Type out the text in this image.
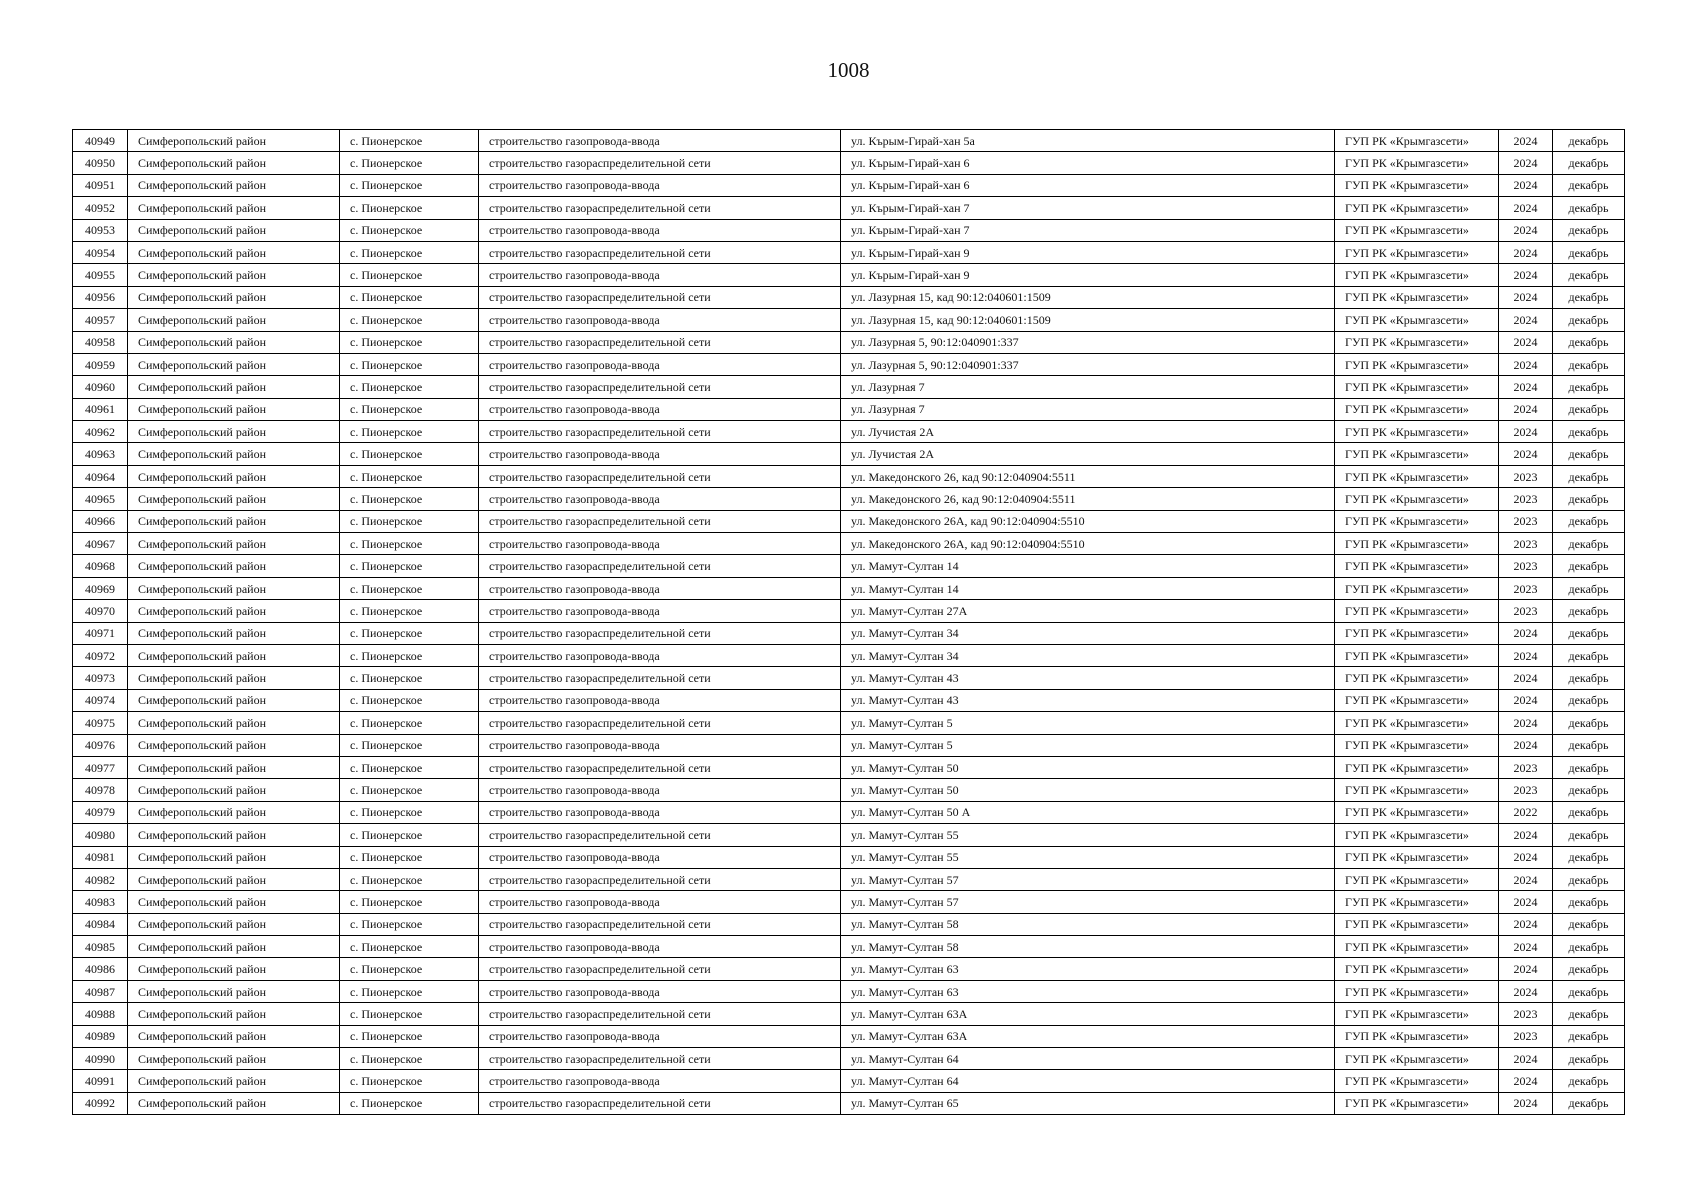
1008
40949	Симферопольский район	с. Пионерское	строительство газопровода-ввода	ул. Кърым-Гирай-хан 5а	ГУП РК «Крымгазсети»	2024	декабрь
40950	Симферопольский район	с. Пионерское	строительство газораспределительной сети	ул. Кърым-Гирай-хан 6	ГУП РК «Крымгазсети»	2024	декабрь
40951	Симферопольский район	с. Пионерское	строительство газопровода-ввода	ул. Кърым-Гирай-хан 6	ГУП РК «Крымгазсети»	2024	декабрь
40952	Симферопольский район	с. Пионерское	строительство газораспределительной сети	ул. Кърым-Гирай-хан 7	ГУП РК «Крымгазсети»	2024	декабрь
40953	Симферопольский район	с. Пионерское	строительство газопровода-ввода	ул. Кърым-Гирай-хан 7	ГУП РК «Крымгазсети»	2024	декабрь
40954	Симферопольский район	с. Пионерское	строительство газораспределительной сети	ул. Кърым-Гирай-хан 9	ГУП РК «Крымгазсети»	2024	декабрь
40955	Симферопольский район	с. Пионерское	строительство газопровода-ввода	ул. Кърым-Гирай-хан 9	ГУП РК «Крымгазсети»	2024	декабрь
40956	Симферопольский район	с. Пионерское	строительство газораспределительной сети	ул. Лазурная 15, кад 90:12:040601:1509	ГУП РК «Крымгазсети»	2024	декабрь
40957	Симферопольский район	с. Пионерское	строительство газопровода-ввода	ул. Лазурная 15, кад 90:12:040601:1509	ГУП РК «Крымгазсети»	2024	декабрь
40958	Симферопольский район	с. Пионерское	строительство газораспределительной сети	ул. Лазурная 5, 90:12:040901:337	ГУП РК «Крымгазсети»	2024	декабрь
40959	Симферопольский район	с. Пионерское	строительство газопровода-ввода	ул. Лазурная 5, 90:12:040901:337	ГУП РК «Крымгазсети»	2024	декабрь
40960	Симферопольский район	с. Пионерское	строительство газораспределительной сети	ул. Лазурная 7	ГУП РК «Крымгазсети»	2024	декабрь
40961	Симферопольский район	с. Пионерское	строительство газопровода-ввода	ул. Лазурная 7	ГУП РК «Крымгазсети»	2024	декабрь
40962	Симферопольский район	с. Пионерское	строительство газораспределительной сети	ул. Лучистая 2А	ГУП РК «Крымгазсети»	2024	декабрь
40963	Симферопольский район	с. Пионерское	строительство газопровода-ввода	ул. Лучистая 2А	ГУП РК «Крымгазсети»	2024	декабрь
40964	Симферопольский район	с. Пионерское	строительство газораспределительной сети	ул. Македонского 26, кад 90:12:040904:5511	ГУП РК «Крымгазсети»	2023	декабрь
40965	Симферопольский район	с. Пионерское	строительство газопровода-ввода	ул. Македонского 26, кад 90:12:040904:5511	ГУП РК «Крымгазсети»	2023	декабрь
40966	Симферопольский район	с. Пионерское	строительство газораспределительной сети	ул. Македонского 26А, кад 90:12:040904:5510	ГУП РК «Крымгазсети»	2023	декабрь
40967	Симферопольский район	с. Пионерское	строительство газопровода-ввода	ул. Македонского 26А, кад 90:12:040904:5510	ГУП РК «Крымгазсети»	2023	декабрь
40968	Симферопольский район	с. Пионерское	строительство газораспределительной сети	ул. Мамут-Султан 14	ГУП РК «Крымгазсети»	2023	декабрь
40969	Симферопольский район	с. Пионерское	строительство газопровода-ввода	ул. Мамут-Султан 14	ГУП РК «Крымгазсети»	2023	декабрь
40970	Симферопольский район	с. Пионерское	строительство газопровода-ввода	ул. Мамут-Султан 27А	ГУП РК «Крымгазсети»	2023	декабрь
40971	Симферопольский район	с. Пионерское	строительство газораспределительной сети	ул. Мамут-Султан 34	ГУП РК «Крымгазсети»	2024	декабрь
40972	Симферопольский район	с. Пионерское	строительство газопровода-ввода	ул. Мамут-Султан 34	ГУП РК «Крымгазсети»	2024	декабрь
40973	Симферопольский район	с. Пионерское	строительство газораспределительной сети	ул. Мамут-Султан 43	ГУП РК «Крымгазсети»	2024	декабрь
40974	Симферопольский район	с. Пионерское	строительство газопровода-ввода	ул. Мамут-Султан 43	ГУП РК «Крымгазсети»	2024	декабрь
40975	Симферопольский район	с. Пионерское	строительство газораспределительной сети	ул. Мамут-Султан 5	ГУП РК «Крымгазсети»	2024	декабрь
40976	Симферопольский район	с. Пионерское	строительство газопровода-ввода	ул. Мамут-Султан 5	ГУП РК «Крымгазсети»	2024	декабрь
40977	Симферопольский район	с. Пионерское	строительство газораспределительной сети	ул. Мамут-Султан 50	ГУП РК «Крымгазсети»	2023	декабрь
40978	Симферопольский район	с. Пионерское	строительство газопровода-ввода	ул. Мамут-Султан 50	ГУП РК «Крымгазсети»	2023	декабрь
40979	Симферопольский район	с. Пионерское	строительство газопровода-ввода	ул. Мамут-Султан 50 А	ГУП РК «Крымгазсети»	2022	декабрь
40980	Симферопольский район	с. Пионерское	строительство газораспределительной сети	ул. Мамут-Султан 55	ГУП РК «Крымгазсети»	2024	декабрь
40981	Симферопольский район	с. Пионерское	строительство газопровода-ввода	ул. Мамут-Султан 55	ГУП РК «Крымгазсети»	2024	декабрь
40982	Симферопольский район	с. Пионерское	строительство газораспределительной сети	ул. Мамут-Султан 57	ГУП РК «Крымгазсети»	2024	декабрь
40983	Симферопольский район	с. Пионерское	строительство газопровода-ввода	ул. Мамут-Султан 57	ГУП РК «Крымгазсети»	2024	декабрь
40984	Симферопольский район	с. Пионерское	строительство газораспределительной сети	ул. Мамут-Султан 58	ГУП РК «Крымгазсети»	2024	декабрь
40985	Симферопольский район	с. Пионерское	строительство газопровода-ввода	ул. Мамут-Султан 58	ГУП РК «Крымгазсети»	2024	декабрь
40986	Симферопольский район	с. Пионерское	строительство газораспределительной сети	ул. Мамут-Султан 63	ГУП РК «Крымгазсети»	2024	декабрь
40987	Симферопольский район	с. Пионерское	строительство газопровода-ввода	ул. Мамут-Султан 63	ГУП РК «Крымгазсети»	2024	декабрь
40988	Симферопольский район	с. Пионерское	строительство газораспределительной сети	ул. Мамут-Султан 63А	ГУП РК «Крымгазсети»	2023	декабрь
40989	Симферопольский район	с. Пионерское	строительство газопровода-ввода	ул. Мамут-Султан 63А	ГУП РК «Крымгазсети»	2023	декабрь
40990	Симферопольский район	с. Пионерское	строительство газораспределительной сети	ул. Мамут-Султан 64	ГУП РК «Крымгазсети»	2024	декабрь
40991	Симферопольский район	с. Пионерское	строительство газопровода-ввода	ул. Мамут-Султан 64	ГУП РК «Крымгазсети»	2024	декабрь
40992	Симферопольский район	с. Пионерское	строительство газораспределительной сети	ул. Мамут-Султан 65	ГУП РК «Крымгазсети»	2024	декабрь
